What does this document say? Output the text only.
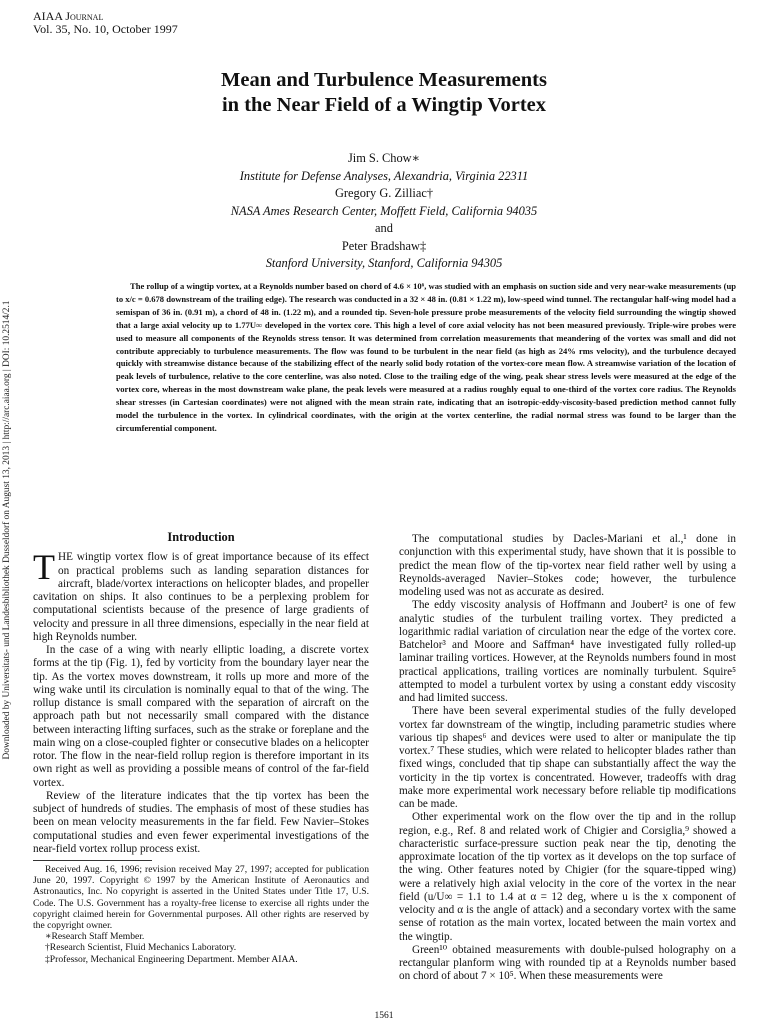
AIAA Journal
Vol. 35, No. 10, October 1997
Downloaded by Universitats- und Landesbibliothek Dusseldorf on August 13, 2013 | http://arc.aiaa.org | DOI: 10.2514/2.1
Mean and Turbulence Measurements
in the Near Field of a Wingtip Vortex
Jim S. Chow∗
Institute for Defense Analyses, Alexandria, Virginia 22311
Gregory G. Zilliac†
NASA Ames Research Center, Moffett Field, California 94035
and
Peter Bradshaw‡
Stanford University, Stanford, California 94305
The rollup of a wingtip vortex, at a Reynolds number based on chord of 4.6 × 10⁶, was studied with an emphasis on suction side and very near-wake measurements (up to x/c = 0.678 downstream of the trailing edge). The research was conducted in a 32 × 48 in. (0.81 × 1.22 m), low-speed wind tunnel. The rectangular half-wing model had a semispan of 36 in. (0.91 m), a chord of 48 in. (1.22 m), and a rounded tip. Seven-hole pressure probe measurements of the velocity field surrounding the wingtip showed that a large axial velocity up to 1.77U∞ developed in the vortex core. This high a level of core axial velocity has not been measured previously. Triple-wire probes were used to measure all components of the Reynolds stress tensor. It was determined from correlation measurements that meandering of the vortex was small and did not contribute appreciably to turbulence measurements. The flow was found to be turbulent in the near field (as high as 24% rms velocity), and the turbulence decayed quickly with streamwise distance because of the stabilizing effect of the nearly solid body rotation of the vortex-core mean flow. A streamwise variation of the location of peak levels of turbulence, relative to the core centerline, was also noted. Close to the trailing edge of the wing, peak shear stress levels were measured at the edge of the vortex core, whereas in the most downstream wake plane, the peak levels were measured at a radius roughly equal to one-third of the vortex core radius. The Reynolds shear stresses (in Cartesian coordinates) were not aligned with the mean strain rate, indicating that an isotropic-eddy-viscosity-based prediction method cannot fully model the turbulence in the vortex. In cylindrical coordinates, with the origin at the vortex centerline, the radial normal stress was found to be larger than the circumferential component.
Introduction

THE wingtip vortex flow is of great importance because of its effect on practical problems such as landing separation distances for aircraft, blade/vortex interactions on helicopter blades, and propeller cavitation on ships. It also continues to be a perplexing problem for computational scientists because of the presence of large gradients of velocity and pressure in all three dimensions, especially in the near field at high Reynolds number.

In the case of a wing with nearly elliptic loading, a discrete vortex forms at the tip (Fig. 1), fed by vorticity from the boundary layer near the tip. As the vortex moves downstream, it rolls up more and more of the wing wake until its circulation is nominally equal to that of the wing. The rollup distance is small compared with the separation of aircraft on the approach path but not necessarily small compared with the distance between interacting lifting surfaces, such as the strake or foreplane and the main wing on a close-coupled fighter or consecutive blades on a helicopter rotor. The flow in the near-field rollup region is therefore important in its own right as well as providing a possible means of control of the far-field vortex.

Review of the literature indicates that the tip vortex has been the subject of hundreds of studies. The emphasis of most of these studies has been on mean velocity measurements in the far field. Few Navier–Stokes computational studies and even fewer experimental investigations of the near-field vortex rollup process exist.

Received Aug. 16, 1996; revision received May 27, 1997; accepted for publication June 20, 1997. Copyright © 1997 by the American Institute of Aeronautics and Astronautics, Inc. No copyright is asserted in the United States under Title 17, U.S. Code. The U.S. Government has a royalty-free license to exercise all rights under the copyright claimed herein for Governmental purposes. All other rights are reserved by the copyright owner.

∗Research Staff Member.

†Research Scientist, Fluid Mechanics Laboratory.

‡Professor, Mechanical Engineering Department. Member AIAA.

The computational studies by Dacles-Mariani et al.,¹ done in conjunction with this experimental study, have shown that it is possible to predict the mean flow of the tip-vortex near field rather well by using a Reynolds-averaged Navier–Stokes code; however, the turbulence modeling used was not as accurate as desired.

The eddy viscosity analysis of Hoffmann and Joubert² is one of few analytic studies of the turbulent trailing vortex. They predicted a logarithmic radial variation of circulation near the edge of the vortex core. Batchelor³ and Moore and Saffman⁴ have investigated fully rolled-up laminar trailing vortices. However, at the Reynolds numbers found in most practical applications, trailing vortices are nominally turbulent. Squire⁵ attempted to model a turbulent vortex by using a constant eddy viscosity and had limited success.

There have been several experimental studies of the fully developed vortex far downstream of the wingtip, including parametric studies where various tip shapes⁶ and devices were used to alter or manipulate the tip vortex.⁷ These studies, which were related to helicopter blades rather than fixed wings, concluded that tip shape can substantially affect the way the vorticity in the tip vortex is concentrated. However, tradeoffs with drag make more experimental work necessary before reliable tip modifications can be made.

Other experimental work on the flow over the tip and in the rollup region, e.g., Ref. 8 and related work of Chigier and Corsiglia,⁹ showed a characteristic surface-pressure suction peak near the tip, denoting the approximate location of the tip vortex as it develops on the top surface of the wing. Other features noted by Chigier (for the square-tipped wing) were a relatively high axial velocity in the core of the vortex in the near field (u/U∞ = 1.1 to 1.4 at α = 12 deg, where u is the x component of velocity and α is the angle of attack) and a secondary vortex with the same sense of rotation as the main vortex, located between the main vortex and the wingtip.

Green¹⁰ obtained measurements with double-pulsed holography on a rectangular planform wing with rounded tip at a Reynolds number based on chord of about 7 × 10⁵. When these measurements were

1561
